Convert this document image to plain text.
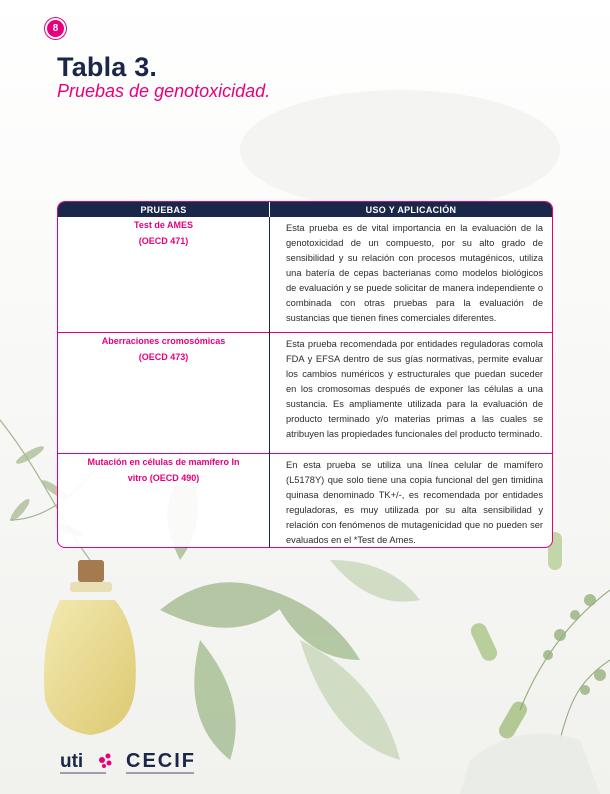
8
Tabla 3.

Pruebas de genotoxicidad.

PRUEBAS	USO Y APLICACIÓN

Test de AMES
(OECD 471)	Esta prueba es de vital importancia en la evaluación de la genotoxicidad de un compuesto, por su alto grado de sensibilidad y su relación con procesos mutagénicos, utiliza una batería de cepas bacterianas como modelos biológicos de evaluación y se puede solicitar de manera independiente o combinada con otras pruebas para la evaluación de sustancias que tienen fines comerciales diferentes.

Aberraciones cromosómicas
(OECD 473)	Esta prueba recomendada por entidades reguladoras comola FDA y EFSA dentro de sus gías normativas, permite evaluar los cambios numéricos y estructurales que puedan suceder en los cromosomas después de exponer las células a una sustancia. Es ampliamente utilizada para la evaluación de producto terminado y/o materias primas a las cuales se atribuyen las propiedades funcionales del producto terminado.

Mutación en células de mamífero In
vitro (OECD 490)	En esta prueba se utiliza una línea celular de mamífero (L5178Y) que solo tiene una copia funcional del gen timidina quinasa denominado TK+/-, es recomendada por entidades reguladoras, es muy utilizada por su alta sensibilidad y relación con fenómenos de mutagenicidad que no pueden ser evaluados en el *Test de Ames.

uti CECIF
